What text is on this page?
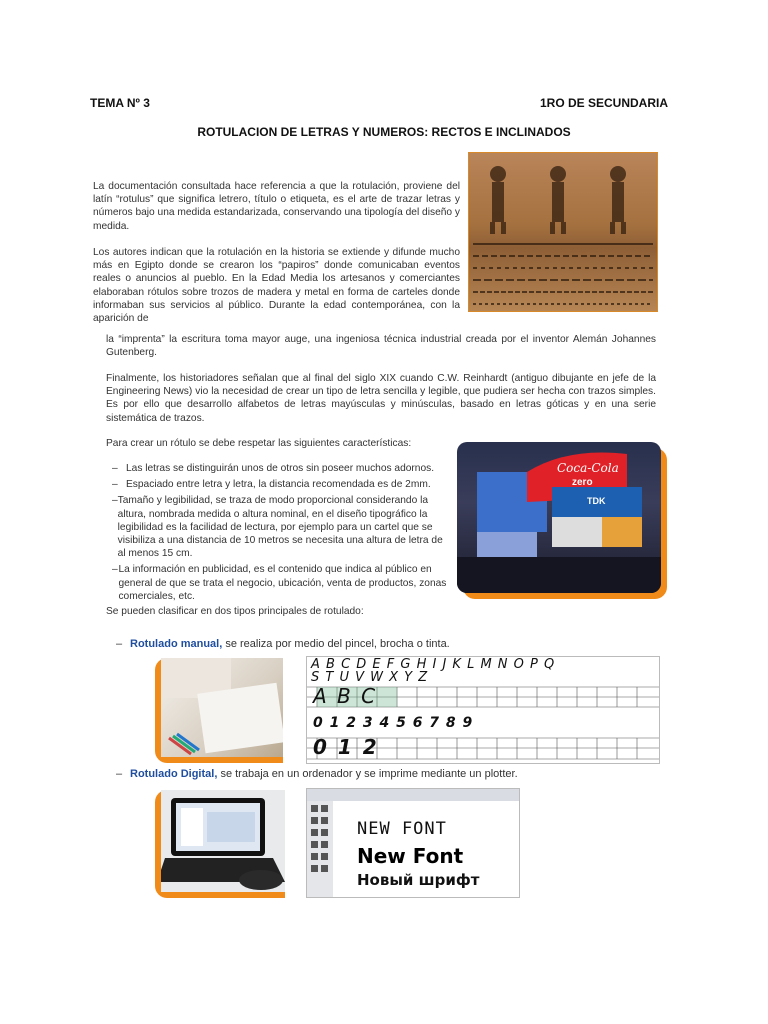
TEMA Nº 3	1RO DE SECUNDARIA
ROTULACION DE LETRAS Y NUMEROS: RECTOS E INCLINADOS
La documentación consultada hace referencia a que la rotulación, proviene del latín “rotulus” que significa letrero, título o etiqueta, es el arte de trazar letras y números bajo una medida estandarizada, conservando una tipología del diseño y medida.
Los autores indican que la rotulación en la historia se extiende y difunde mucho más en Egipto donde se crearon los “papiros” donde comunicaban eventos reales o anuncios al pueblo. En la Edad Media los artesanos y comerciantes elaboraban rótulos sobre trozos de madera y metal en forma de carteles donde informaban sus servicios al público. Durante la edad contemporánea, con la aparición de
la “imprenta” la escritura toma mayor auge, una ingeniosa técnica industrial creada por el inventor Alemán Johannes Gutenberg.
Finalmente, los historiadores señalan que al final del siglo XIX cuando C.W. Reinhardt (antiguo dibujante en jefe de la Engineering News) vio la necesidad de crear un tipo de letra sencilla y legible, que pudiera ser hecha con trazos simples. Es por ello que desarrollo alfabetos de letras mayúsculas y minúsculas, basado en letras góticas y en una serie sistemática de trazos.
Para crear un rótulo se debe respetar las siguientes características:
– Las letras se distinguirán unos de otros sin poseer muchos adornos.
– Espaciado entre letra y letra, la distancia recomendada es de 2mm.
– Tamaño y legibilidad, se traza de modo proporcional considerando la altura, nombrada medida o altura nominal, en el diseño tipográfico la legibilidad es la facilidad de lectura, por ejemplo para un cartel que se visibiliza a una distancia de 10 metros se necesita una altura de letra de al menos 15 cm.
– La información en publicidad, es el contenido que indica al público en general de que se trata el negocio, ubicación, venta de productos, zonas comerciales, etc.
Coca-Cola
zero
TDK
Se pueden clasificar en dos tipos principales de rotulado:
– Rotulado manual, se realiza por medio del pincel, brocha o tinta.
A B C D E F G H I J K L M N O P Q
S T U V W X Y Z
A B C
0 1 2 3 4 5 6 7 8 9
0 1 2
– Rotulado Digital, se trabaja en un ordenador y se imprime mediante un plotter.
NEW FONT
New Font
Новый шрифт
